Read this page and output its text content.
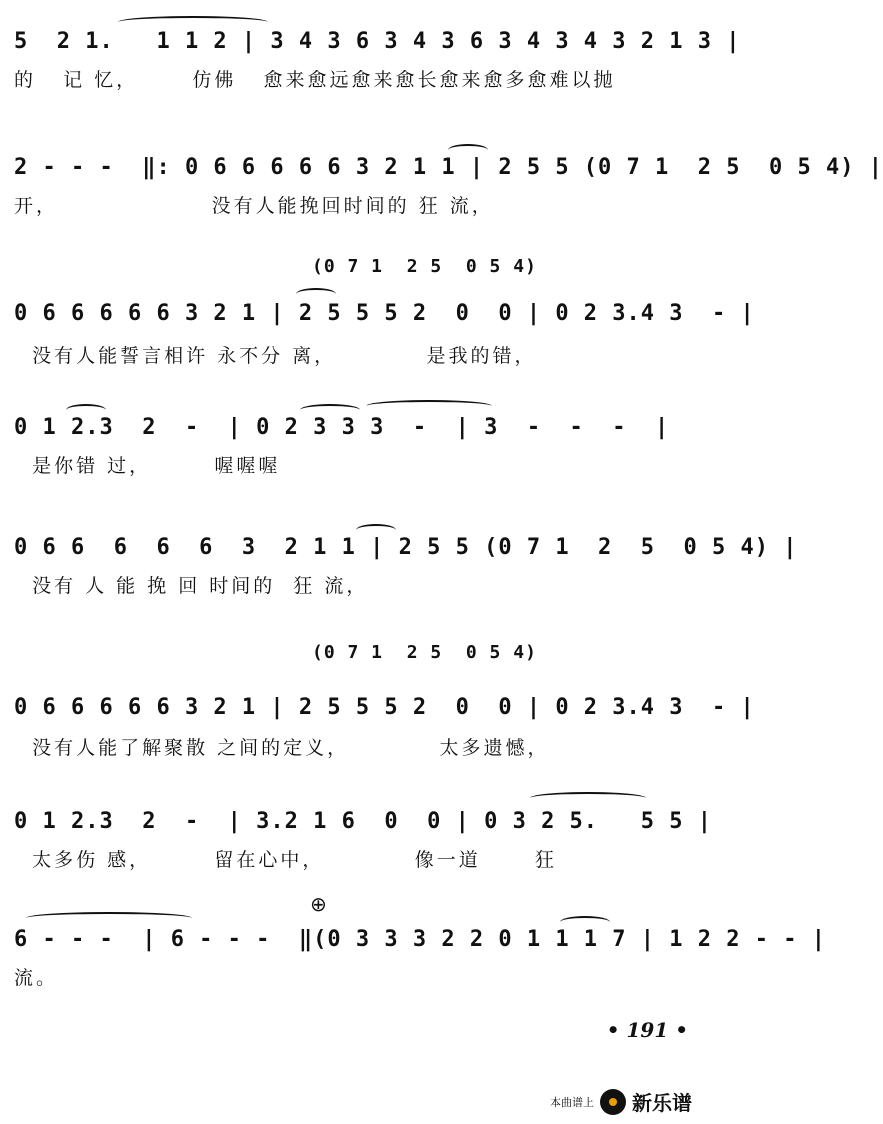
5  2 1.   1 1 2 | 3 4 3 6 3 4 3 6 3 4 3 4 3 2 1 3 |
的   记 忆，      仿佛   愈来愈远愈来愈长愈来愈多愈难以抛
2 - - -  ‖: 0 6 6 6 6 6 3 2 1 1 | 2 5 5 (0 7 1  2 5  0 5 4) |
开，                 没有人能挽回时间的 狂 流，
(0 7 1  2 5  0 5 4)
0 6 6 6 6 6 3 2 1 | 2 5 5 5 2  0  0 | 0 2 3.4 3  - |
没有人能誓言相许 永不分 离，          是我的错，
0 1 2.3  2  -  | 0 2 3 3 3  -  | 3  -  -  -  |
是你错 过，       喔喔喔
0 6 6  6  6  6  3  2 1 1 | 2 5 5 (0 7 1  2  5  0 5 4) |
没有 人 能 挽 回 时间的  狂 流，
(0 7 1  2 5  0 5 4)
0 6 6 6 6 6 3 2 1 | 2 5 5 5 2  0  0 | 0 2 3.4 3  - |
没有人能了解聚散 之间的定义，          太多遗憾，
0 1 2.3  2  -  | 3.2 1 6  0  0 | 0 3 2 5.   5 5 |
太多伤 感，       留在心中，          像一道      狂
⊕
6 - - -  | 6 - - -  ‖(0 3 3 3 2 2 0 1 1 1 7 | 1 2 2 - - |
流。
• 191 •
本曲谱上 新乐谱
